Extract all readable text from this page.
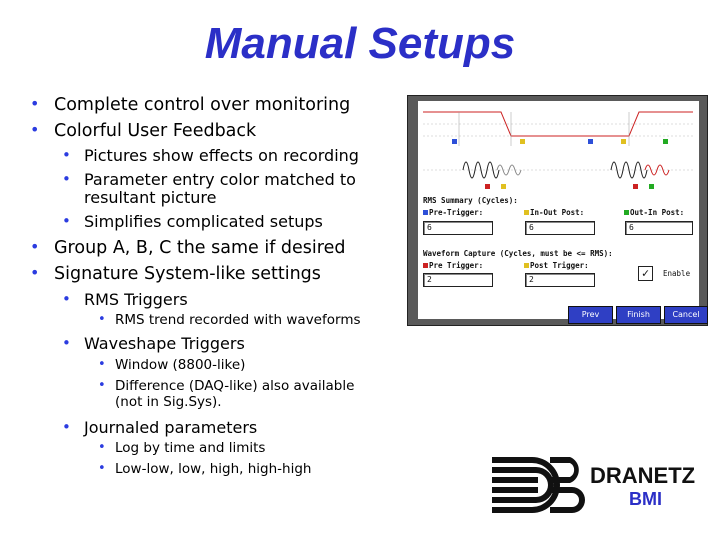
Manual Setups
• Complete control over monitoring
• Colorful User Feedback
• Pictures show effects on recording
• Parameter entry color matched to resultant picture
• Simplifies complicated setups
• Group A, B, C the same if desired
• Signature System-like settings
• RMS Triggers
• RMS trend recorded with waveforms
• Waveshape Triggers
• Window (8800-like)
• Difference (DAQ-like) also available (not in Sig.Sys).
• Journaled parameters
• Log by time and limits
• Low-low, low, high, high-high
RMS Summary (Cycles):
Pre-Trigger:
6
In-Out Post:
6
Out-In Post:
6
Waveform Capture (Cycles, must be <= RMS):
Pre Trigger:
2
Post Trigger:
2	✓	Enable
Prev	Finish	Cancel
DRANETZ
BMI
